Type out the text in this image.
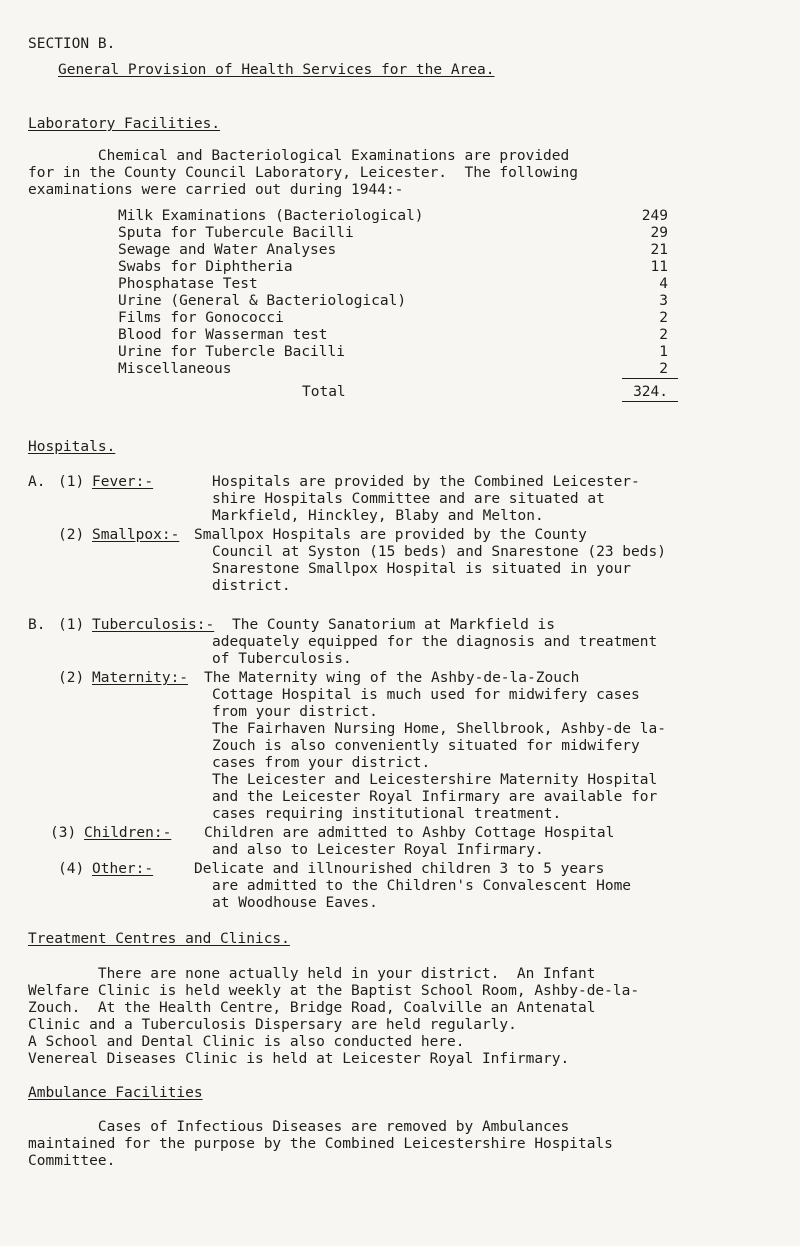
SECTION B.
General Provision of Health Services for the Area.
Laboratory Facilities.

Chemical and Bacteriological Examinations are provided

for in the County Council Laboratory, Leicester.  The following

examinations were carried out during 1944:-

Milk Examinations (Bacteriological)	249
Sputa for Tubercule Bacilli	29
Sewage and Water Analyses	21
Swabs for Diphtheria	11
Phosphatase Test	4
Urine (General & Bacteriological)	3
Films for Gonococci	2
Blood for Wasserman test	2
Urine for Tubercle Bacilli	1
Miscellaneous	2
Total	324.
Hospitals.
A. (1) Fever:-	Hospitals are provided by the Combined Leicester-
shire Hospitals Committee and are situated at
Markfield, Hinckley, Blaby and Melton.
(2) Smallpox:- Smallpox Hospitals are provided by the County
Council at Syston (15 beds) and Snarestone (23 beds)
Snarestone Smallpox Hospital is situated in your
district.
B. (1) Tuberculosis:- The County Sanatorium at Markfield is
adequately equipped for the diagnosis and treatment
of Tuberculosis.
(2) Maternity:- The Maternity wing of the Ashby-de-la-Zouch
Cottage Hospital is much used for midwifery cases
from your district.
The Fairhaven Nursing Home, Shellbrook, Ashby-de la-
Zouch is also conveniently situated for midwifery
cases from your district.
The Leicester and Leicestershire Maternity Hospital
and the Leicester Royal Infirmary are available for
cases requiring institutional treatment.
(3) Children:- Children are admitted to Ashby Cottage Hospital
and also to Leicester Royal Infirmary.
(4) Other:-	Delicate and illnourished children 3 to 5 years
are admitted to the Children's Convalescent Home
at Woodhouse Eaves.
Treatment Centres and Clinics.

There are none actually held in your district.  An Infant

Welfare Clinic is held weekly at the Baptist School Room, Ashby-de-la-

Zouch.  At the Health Centre, Bridge Road, Coalville an Antenatal

Clinic and a Tuberculosis Dispersary are held regularly.

A School and Dental Clinic is also conducted here.

Venereal Diseases Clinic is held at Leicester Royal Infirmary.

Ambulance Facilities

Cases of Infectious Diseases are removed by Ambulances

maintained for the purpose by the Combined Leicestershire Hospitals

Committee.
